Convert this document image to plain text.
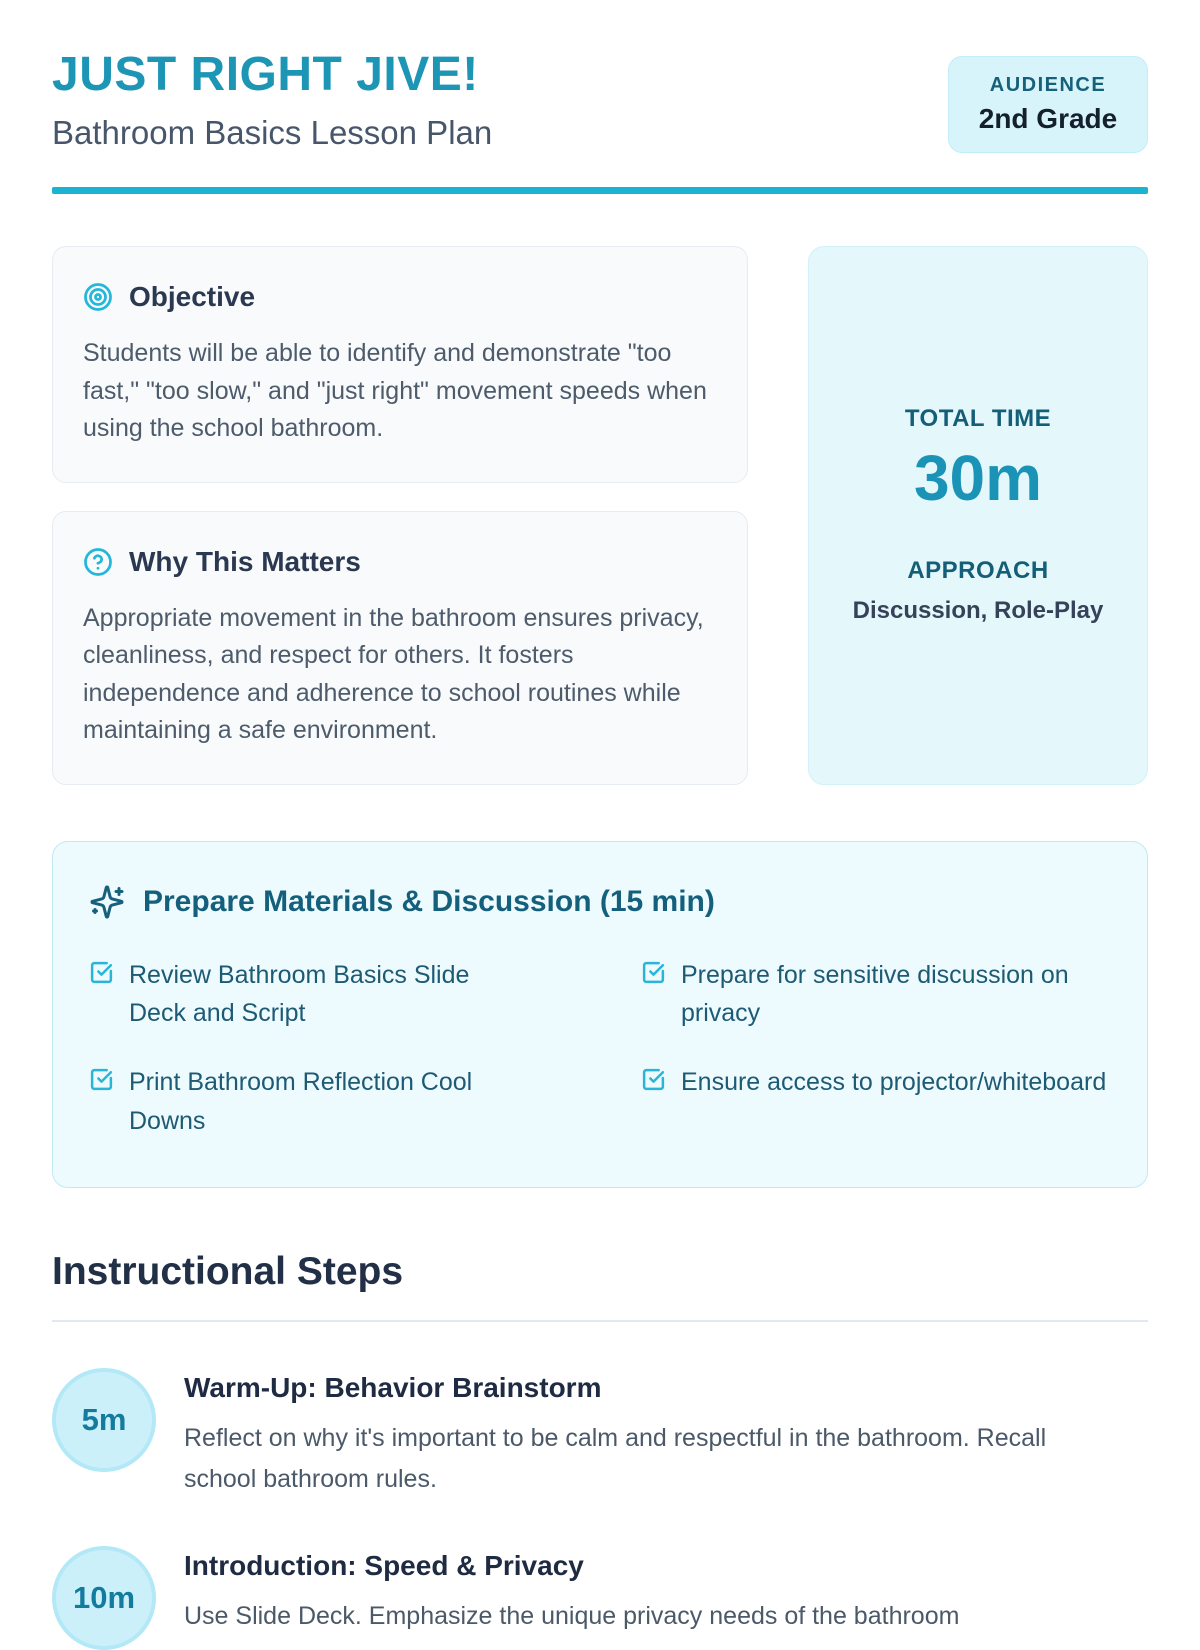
JUST RIGHT JIVE!
Bathroom Basics Lesson Plan
AUDIENCE
2nd Grade
Objective
Students will be able to identify and demonstrate "too fast," "too slow," and "just right" movement speeds when using the school bathroom.	TOTAL TIME
30m
APPROACH
Discussion, Role-Play
Why This Matters
Appropriate movement in the bathroom ensures privacy, cleanliness, and respect for others. It fosters independence and adherence to school routines while maintaining a safe environment.
Prepare Materials & Discussion (15 min)
Review Bathroom Basics Slide Deck and Script
Prepare for sensitive discussion on privacy
Print Bathroom Reflection Cool Downs
Ensure access to projector/whiteboard
Instructional Steps
5m
Warm-Up: Behavior Brainstorm
Reflect on why it's important to be calm and respectful in the bathroom. Recall school bathroom rules.
10m
Introduction: Speed & Privacy
Use Slide Deck. Emphasize the unique privacy needs of the bathroom
